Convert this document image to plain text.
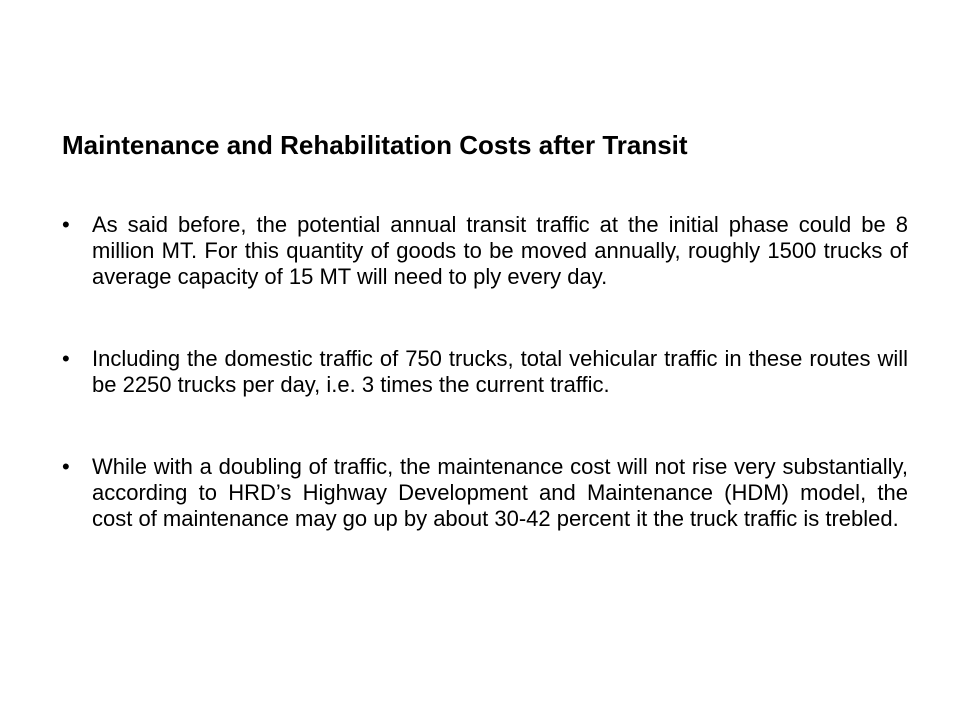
Maintenance and Rehabilitation Costs after Transit
• As said before, the potential annual transit traffic at the initial phase could be 8 million MT. For this quantity of goods to be moved annually, roughly 1500 trucks of average capacity of 15 MT will need to ply every day.
• Including the domestic traffic of 750 trucks, total vehicular traffic in these routes will be 2250 trucks per day, i.e. 3 times the current traffic.
• While with a doubling of traffic, the maintenance cost will not rise very substantially, according to HRD’s Highway Development and Maintenance (HDM) model, the cost of maintenance may go up by about 30-42 percent it the truck traffic is trebled.
